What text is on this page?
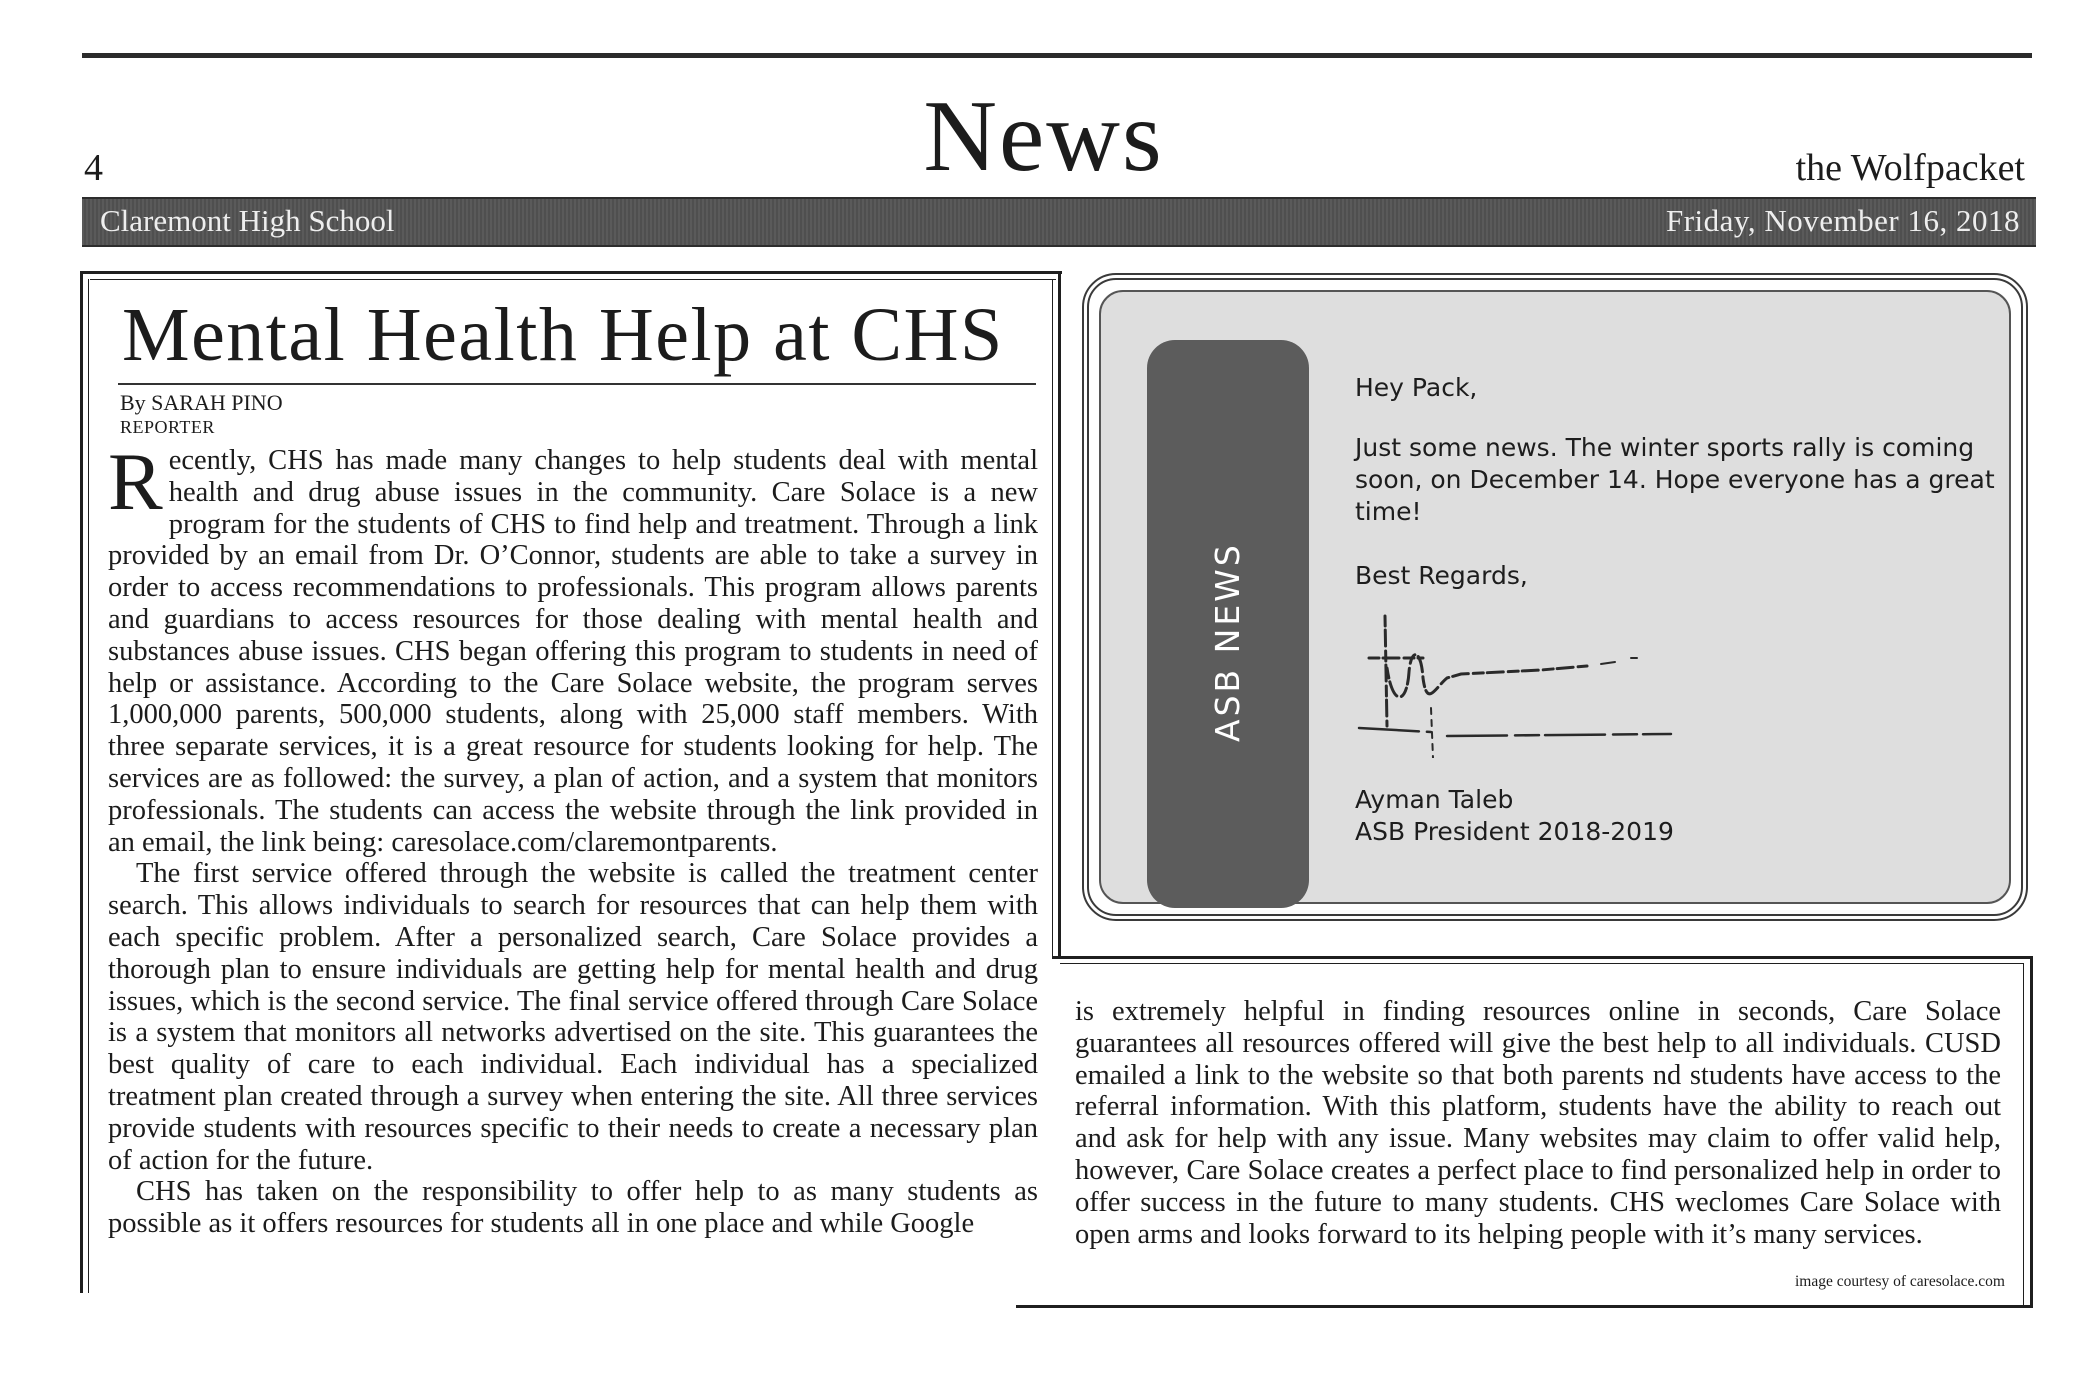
News
4	the Wolfpacket
Claremont High School	Friday, November 16, 2018
Mental Health Help at CHS
By SARAH PINO
REPORTER

Recently, CHS has made many changes to help students deal with mental health and drug abuse issues in the community. Care Solace is a new program for the students of CHS to find help and treatment. Through a link provided by an email from Dr. O’Connor, students are able to take a survey in order to access recommendations to professionals. This program allows parents and guardians to access resources for those dealing with mental health and substances abuse issues. CHS began offering this program to students in need of help or assistance. According to the Care Solace website, the program serves 1,000,000 parents, 500,000 students, along with 25,000 staff members. With three separate services, it is a great resource for students looking for help. The services are as followed: the survey, a plan of action, and a system that monitors professionals. The students can access the website through the link provided in an email, the link being: caresolace.com/claremontparents.

The first service offered through the website is called the treatment center search. This allows individuals to search for resources that can help them with each specific problem. After a personalized search, Care Solace provides a thorough plan to ensure individuals are getting help for mental health and drug issues, which is the second service. The final service offered through Care Solace is a system that monitors all networks advertised on the site. This guarantees the best quality of care to each individual. Each individual has a specialized treatment plan created through a survey when entering the site. All three services provide students with resources specific to their needs to create a necessary plan of action for the future.

CHS has taken on the responsibility to offer help to as many students as possible as it offers resources for students all in one place and while Google

is extremely helpful in finding resources online in seconds, Care Solace guarantees all resources offered will give the best help to all individuals. CUSD emailed a link to the website so that both parents nd students have access to the referral information. With this platform, students have the ability to reach out and ask for help with any issue. Many websites may claim to offer valid help, however, Care Solace creates a perfect place to find personalized help in order to offer success in the future to many students. CHS weclomes Care Solace with open arms and looks forward to its helping people with it’s many services.

image courtesy of caresolace.com
ASB NEWS
Hey Pack,
Just some news. The winter sports rally is coming soon, on December 14. Hope everyone has a great time!
Best Regards,
Ayman Taleb
ASB President 2018-2019
